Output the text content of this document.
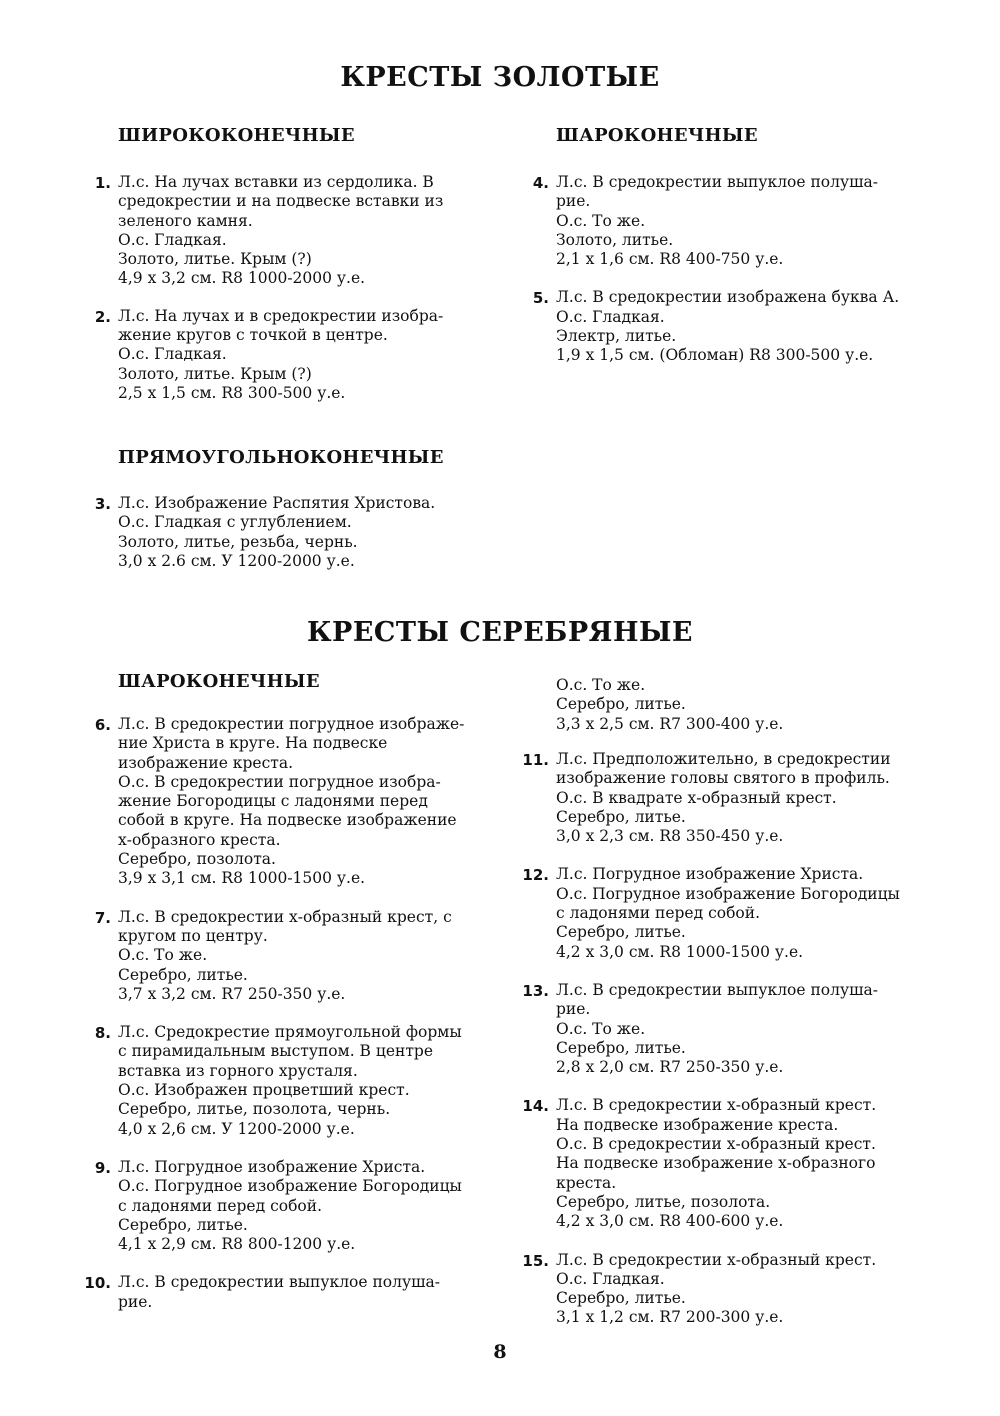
КРЕСТЫ ЗОЛОТЫЕ
ШИРОКОКОНЕЧНЫЕ	ШАРОКОНЕЧНЫЕ
ПРЯМОУГОЛЬНОКОНЕЧНЫЕ
КРЕСТЫ СЕРЕБРЯНЫЕ
ШАРОКОНЕЧНЫЕ
1. Л.с. На лучах вставки из сердолика. В
средокрестии и на подвеске вставки из
зеленого камня.
О.с. Гладкая.
Золото, литье. Крым (?)
4,9 х 3,2 см. R8 1000-2000 у.е.
2. Л.с. На лучах и в средокрестии изобра-
жение кругов с точкой в центре.
О.с. Гладкая.
Золото, литье. Крым (?)
2,5 х 1,5 см. R8 300-500 у.е.
3. Л.с. Изображение Распятия Христова.
О.с. Гладкая с углублением.
Золото, литье, резьба, чернь.
3,0 х 2.6 см. У 1200-2000 у.е.
4. Л.с. В средокрестии выпуклое полуша-
рие.
О.с. То же.
Золото, литье.
2,1 х 1,6 см. R8 400-750 у.е.
5. Л.с. В средокрестии изображена буква А.
О.с. Гладкая.
Электр, литье.
1,9 х 1,5 см. (Обломан) R8 300-500 у.е.
6. Л.с. В средокрестии погрудное изображе-
ние Христа в круге. На подвеске
изображение креста.
О.с. В средокрестии погрудное изобра-
жение Богородицы с ладонями перед
собой в круге. На подвеске изображение
х-образного креста.
Серебро, позолота.
3,9 х 3,1 см. R8 1000-1500 у.е.
7. Л.с. В средокрестии х-образный крест, с
кругом по центру.
О.с. То же.
Серебро, литье.
3,7 х 3,2 см. R7 250-350 у.е.
8. Л.с. Средокрестие прямоугольной формы
с пирамидальным выступом. В центре
вставка из горного хрусталя.
О.с. Изображен процветший крест.
Серебро, литье, позолота, чернь.
4,0 х 2,6 см. У 1200-2000 у.е.
9. Л.с. Погрудное изображение Христа.
О.с. Погрудное изображение Богородицы
с ладонями перед собой.
Серебро, литье.
4,1 х 2,9 см. R8 800-1200 у.е.
10. Л.с. В средокрестии выпуклое полуша-
рие.
О.с. То же.
Серебро, литье.
3,3 х 2,5 см. R7 300-400 у.е.
11. Л.с. Предположительно, в средокрестии
изображение головы святого в профиль.
О.с. В квадрате х-образный крест.
Серебро, литье.
3,0 х 2,3 см. R8 350-450 у.е.
12. Л.с. Погрудное изображение Христа.
О.с. Погрудное изображение Богородицы
с ладонями перед собой.
Серебро, литье.
4,2 х 3,0 см. R8 1000-1500 у.е.
13. Л.с. В средокрестии выпуклое полуша-
рие.
О.с. То же.
Серебро, литье.
2,8 х 2,0 см. R7 250-350 у.е.
14. Л.с. В средокрестии х-образный крест.
На подвеске изображение креста.
О.с. В средокрестии х-образный крест.
На подвеске изображение х-образного
креста.
Серебро, литье, позолота.
4,2 х 3,0 см. R8 400-600 у.е.
15. Л.с. В средокрестии х-образный крест.
О.с. Гладкая.
Серебро, литье.
3,1 х 1,2 см. R7 200-300 у.е.
8
